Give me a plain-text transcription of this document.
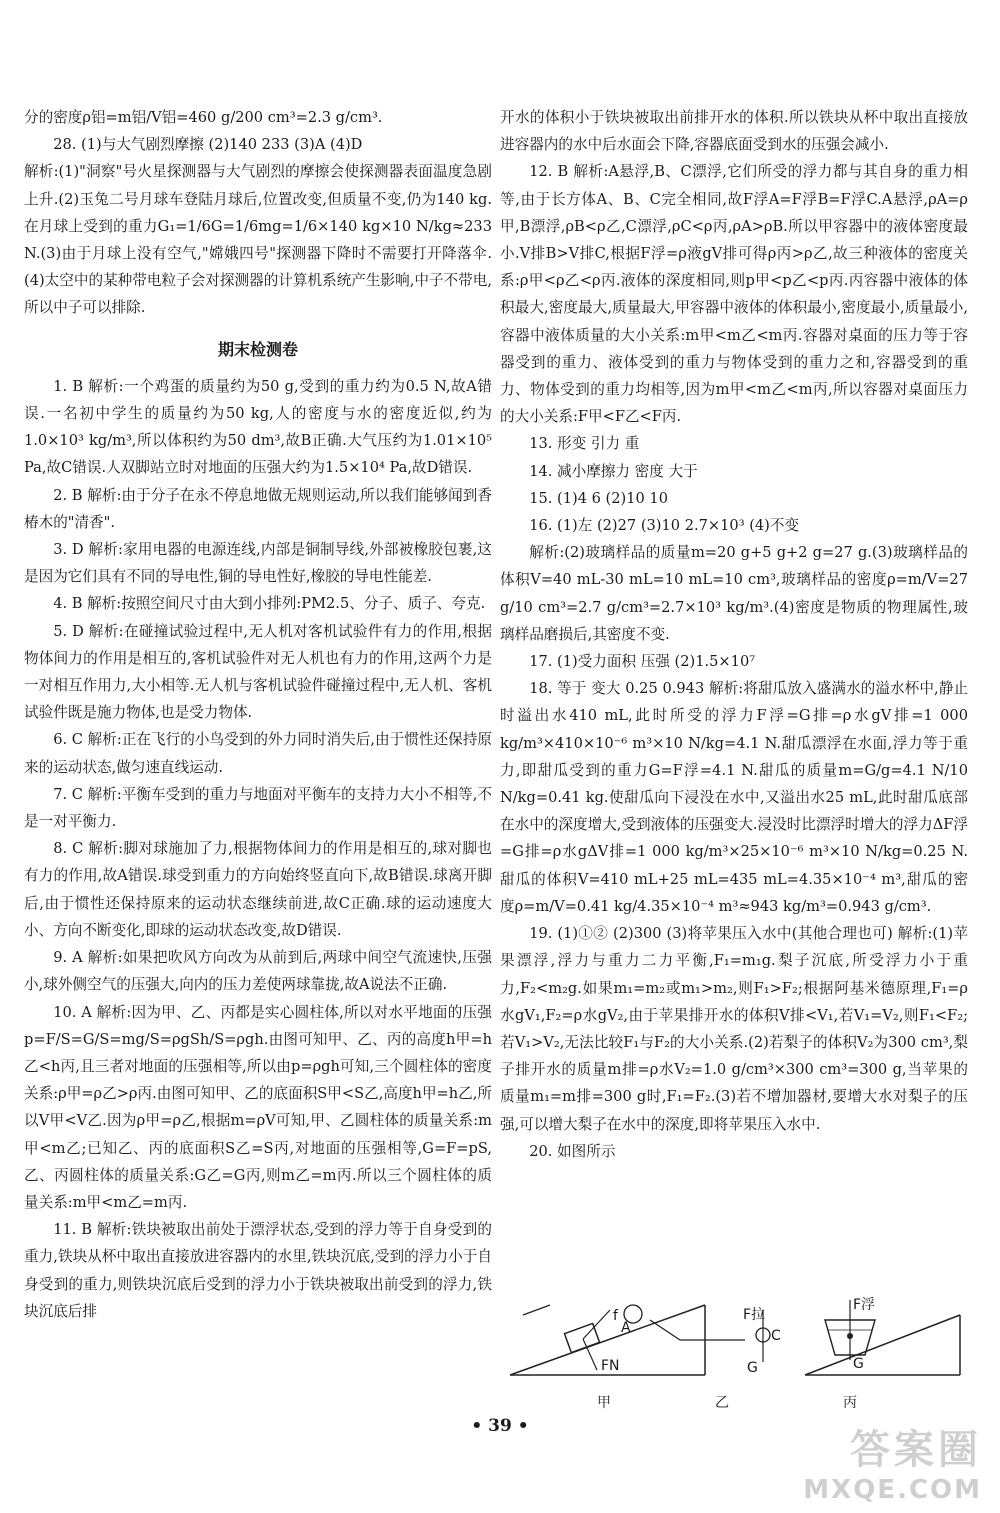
分的密度ρ铝=m铝/V铝=460 g/200 cm³=2.3 g/cm³.

28. (1)与大气剧烈摩擦 (2)140 233 (3)A (4)D

解析:(1)"洞察"号火星探测器与大气剧烈的摩擦会使探测器表面温度急剧上升.(2)玉兔二号月球车登陆月球后,位置改变,但质量不变,仍为140 kg.在月球上受到的重力G₁=1/6G=1/6mg=1/6×140 kg×10 N/kg≈233 N.(3)由于月球上没有空气,"嫦娥四号"探测器下降时不需要打开降落伞.(4)太空中的某种带电粒子会对探测器的计算机系统产生影响,中子不带电,所以中子可以排除.

期末检测卷

1. B 解析:一个鸡蛋的质量约为50 g,受到的重力约为0.5 N,故A错误.一名初中学生的质量约为50 kg,人的密度与水的密度近似,约为1.0×10³ kg/m³,所以体积约为50 dm³,故B正确.大气压约为1.01×10⁵ Pa,故C错误.人双脚站立时对地面的压强大约为1.5×10⁴ Pa,故D错误.

2. B 解析:由于分子在永不停息地做无规则运动,所以我们能够闻到香椿木的"清香".

3. D 解析:家用电器的电源连线,内部是铜制导线,外部被橡胶包裹,这是因为它们具有不同的导电性,铜的导电性好,橡胶的导电性能差.

4. B 解析:按照空间尺寸由大到小排列:PM2.5、分子、质子、夸克.

5. D 解析:在碰撞试验过程中,无人机对客机试验件有力的作用,根据物体间力的作用是相互的,客机试验件对无人机也有力的作用,这两个力是一对相互作用力,大小相等.无人机与客机试验件碰撞过程中,无人机、客机试验件既是施力物体,也是受力物体.

6. C 解析:正在飞行的小鸟受到的外力同时消失后,由于惯性还保持原来的运动状态,做匀速直线运动.

7. C 解析:平衡车受到的重力与地面对平衡车的支持力大小不相等,不是一对平衡力.

8. C 解析:脚对球施加了力,根据物体间力的作用是相互的,球对脚也有力的作用,故A错误.球受到重力的方向始终竖直向下,故B错误.球离开脚后,由于惯性还保持原来的运动状态继续前进,故C正确.球的运动速度大小、方向不断变化,即球的运动状态改变,故D错误.

9. A 解析:如果把吹风方向改为从前到后,两球中间空气流速快,压强小,球外侧空气的压强大,向内的压力差使两球靠拢,故A说法不正确.

10. A 解析:因为甲、乙、丙都是实心圆柱体,所以对水平地面的压强p=F/S=G/S=mg/S=ρgSh/S=ρgh.由图可知甲、乙、丙的高度h甲=h乙<h丙,且三者对地面的压强相等,所以由p=ρgh可知,三个圆柱体的密度关系:ρ甲=ρ乙>ρ丙.由图可知甲、乙的底面积S甲<S乙,高度h甲=h乙,所以V甲<V乙.因为ρ甲=ρ乙,根据m=ρV可知,甲、乙圆柱体的质量关系:m甲<m乙;已知乙、丙的底面积S乙=S丙,对地面的压强相等,G=F=pS,乙、丙圆柱体的质量关系:G乙=G丙,则m乙=m丙.所以三个圆柱体的质量关系:m甲<m乙=m丙.

11. B 解析:铁块被取出前处于漂浮状态,受到的浮力等于自身受到的重力,铁块从杯中取出直接放进容器内的水里,铁块沉底,受到的浮力小于自身受到的重力,则铁块沉底后受到的浮力小于铁块被取出前受到的浮力,铁块沉底后排

开水的体积小于铁块被取出前排开水的体积.所以铁块从杯中取出直接放进容器内的水中后水面会下降,容器底面受到水的压强会减小.

12. B 解析:A悬浮,B、C漂浮,它们所受的浮力都与其自身的重力相等,由于长方体A、B、C完全相同,故F浮A=F浮B=F浮C.A悬浮,ρA=ρ甲,B漂浮,ρB<ρ乙,C漂浮,ρC<ρ丙,ρA>ρB.所以甲容器中的液体密度最小.V排B>V排C,根据F浮=ρ液gV排可得ρ丙>ρ乙,故三种液体的密度关系:ρ甲<ρ乙<ρ丙.液体的深度相同,则p甲<p乙<p丙.丙容器中液体的体积最大,密度最大,质量最大,甲容器中液体的体积最小,密度最小,质量最小,容器中液体质量的大小关系:m甲<m乙<m丙.容器对桌面的压力等于容器受到的重力、液体受到的重力与物体受到的重力之和,容器受到的重力、物体受到的重力均相等,因为m甲<m乙<m丙,所以容器对桌面压力的大小关系:F甲<F乙<F丙.

13. 形变 引力 重

14. 减小摩擦力 密度 大于

15. (1)4 6 (2)10 10

16. (1)左 (2)27 (3)10 2.7×10³ (4)不变

解析:(2)玻璃样品的质量m=20 g+5 g+2 g=27 g.(3)玻璃样品的体积V=40 mL-30 mL=10 mL=10 cm³,玻璃样品的密度ρ=m/V=27 g/10 cm³=2.7 g/cm³=2.7×10³ kg/m³.(4)密度是物质的物理属性,玻璃样品磨损后,其密度不变.

17. (1)受力面积 压强 (2)1.5×10⁷

18. 等于 变大 0.25 0.943 解析:将甜瓜放入盛满水的溢水杯中,静止时溢出水410 mL,此时所受的浮力F浮=G排=ρ水gV排=1 000 kg/m³×410×10⁻⁶ m³×10 N/kg=4.1 N.甜瓜漂浮在水面,浮力等于重力,即甜瓜受到的重力G=F浮=4.1 N.甜瓜的质量m=G/g=4.1 N/10 N/kg=0.41 kg.使甜瓜向下浸没在水中,又溢出水25 mL,此时甜瓜底部在水中的深度增大,受到液体的压强变大.浸没时比漂浮时增大的浮力ΔF浮=G排=ρ水gΔV排=1 000 kg/m³×25×10⁻⁶ m³×10 N/kg=0.25 N.甜瓜的体积V=410 mL+25 mL=435 mL=4.35×10⁻⁴ m³,甜瓜的密度ρ=m/V=0.41 kg/4.35×10⁻⁴ m³≈943 kg/m³=0.943 g/cm³.

19. (1)①② (2)300 (3)将苹果压入水中(其他合理也可) 解析:(1)苹果漂浮,浮力与重力二力平衡,F₁=m₁g.梨子沉底,所受浮力小于重力,F₂<m₂g.如果m₁=m₂或m₁>m₂,则F₁>F₂;根据阿基米德原理,F₁=ρ水gV₁,F₂=ρ水gV₂,由于苹果排开水的体积V排<V₁,若V₁=V₂,则F₁<F₂;若V₁>V₂,无法比较F₁与F₂的大小关系.(2)若梨子的体积V₂为300 cm³,梨子排开水的质量m排=ρ水V₂=1.0 g/cm³×300 cm³=300 g,当苹果的质量m₁=m排=300 g时,F₁=F₂.(3)若不增加器材,要增大水对梨子的压强,可以增大梨子在水中的深度,即将苹果压入水中.

20. 如图所示

f
FN
甲
A	C
F拉
G
乙
F浮
G
丙
• 39 •
答案圈
MXQE.COM
